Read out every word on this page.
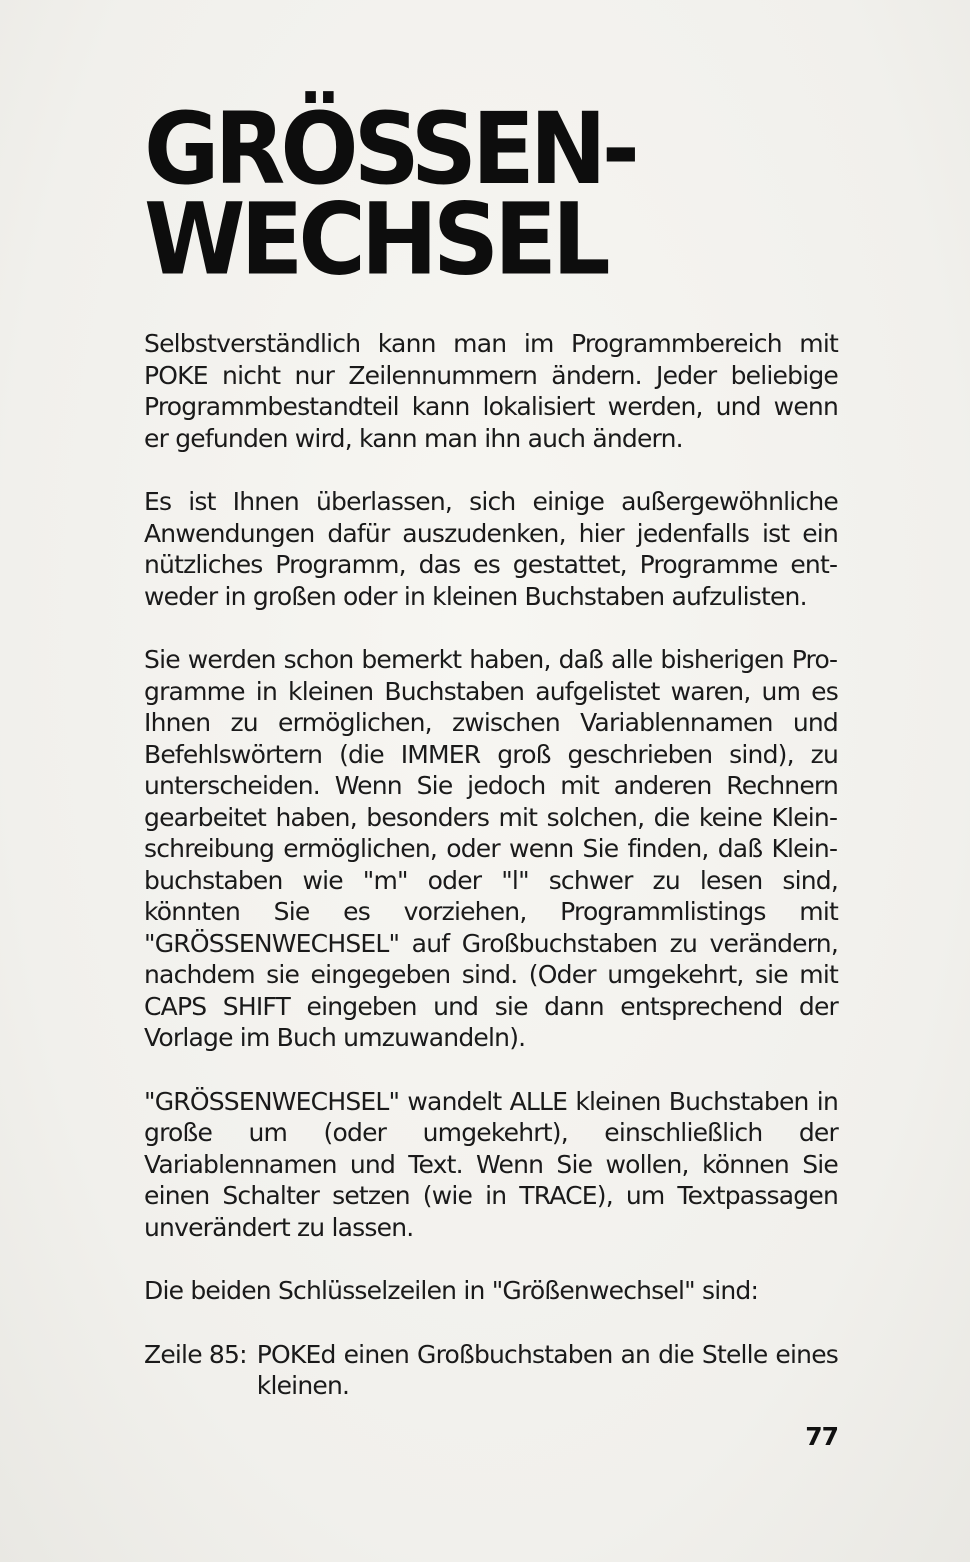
GRÖSSEN-
WECHSEL

Selbstverständlich kann man im Programmbereich mit POKE nicht nur Zeilennummern ändern. Jeder beliebige Programmbestandteil kann lokalisiert werden, und wenn er gefunden wird, kann man ihn auch ändern.

Es ist Ihnen überlassen, sich einige außergewöhnliche Anwendungen dafür auszudenken, hier jedenfalls ist ein nützliches Programm, das es gestattet, Programme entweder in großen oder in kleinen Buchstaben aufzulisten.

Sie werden schon bemerkt haben, daß alle bisherigen Programme in kleinen Buchstaben aufgelistet waren, um es Ihnen zu ermöglichen, zwischen Variablennamen und Befehlswörtern (die IMMER groß geschrieben sind), zu unterscheiden. Wenn Sie jedoch mit anderen Rechnern gearbeitet haben, besonders mit solchen, die keine Kleinschreibung ermöglichen, oder wenn Sie finden, daß Kleinbuchstaben wie "m" oder "l" schwer zu lesen sind, könnten Sie es vorziehen, Programmlistings mit "GRÖSSENWECHSEL" auf Großbuchstaben zu verändern, nachdem sie eingegeben sind. (Oder umgekehrt, sie mit CAPS SHIFT eingeben und sie dann entsprechend der Vorlage im Buch umzuwandeln).

"GRÖSSENWECHSEL" wandelt ALLE kleinen Buchstaben in große um (oder umgekehrt), einschließlich der Variablennamen und Text. Wenn Sie wollen, können Sie einen Schalter setzen (wie in TRACE), um Textpassagen unverändert zu lassen.

Die beiden Schlüsselzeilen in "Größenwechsel" sind:

Zeile 85: POKEd einen Großbuchstaben an die Stelle eines kleinen.
77
